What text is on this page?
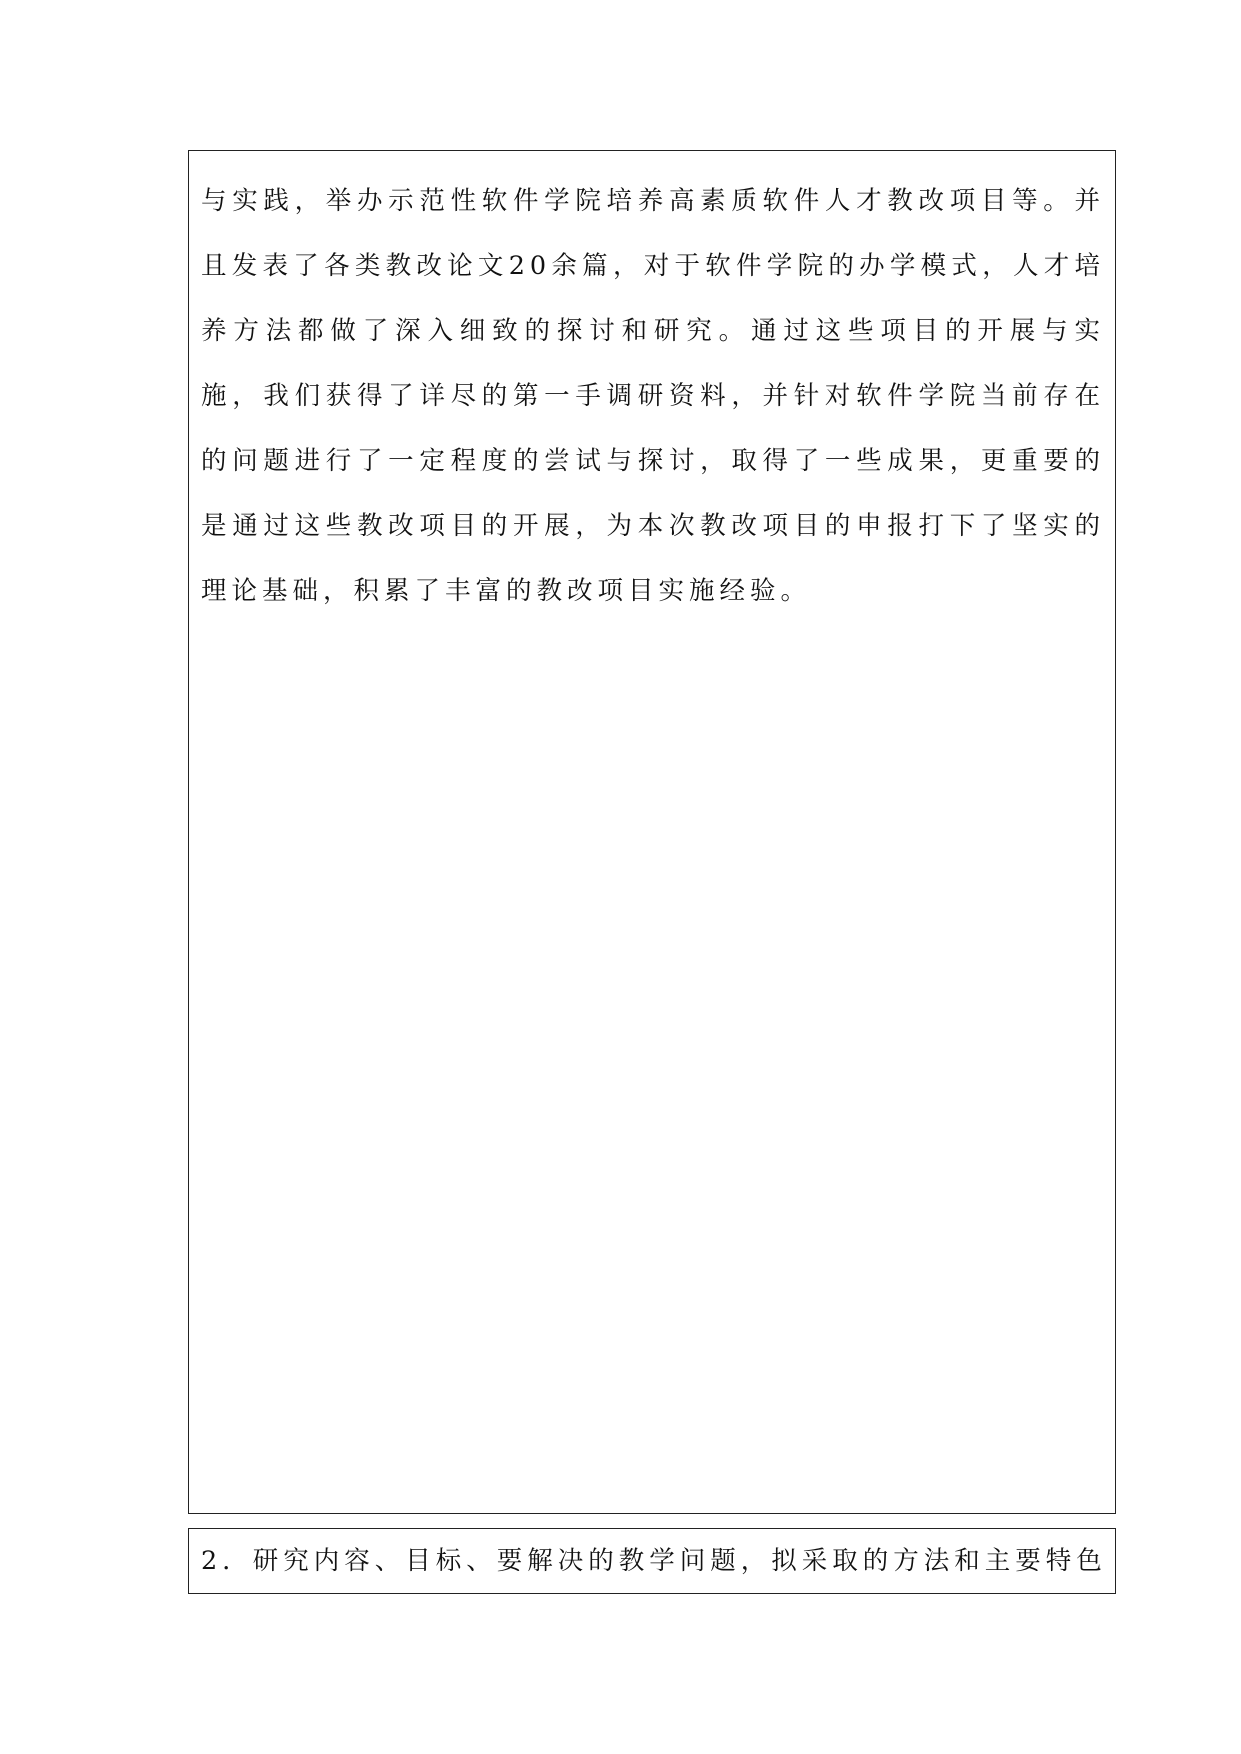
与实践，举办示范性软件学院培养高素质软件人才教改项目等。并且发表了各类教改论文20余篇，对于软件学院的办学模式，人才培养方法都做了深入细致的探讨和研究。通过这些项目的开展与实施，我们获得了详尽的第一手调研资料，并针对软件学院当前存在的问题进行了一定程度的尝试与探讨，取得了一些成果，更重要的是通过这些教改项目的开展，为本次教改项目的申报打下了坚实的理论基础，积累了丰富的教改项目实施经验。

2．研究内容、目标、要解决的教学问题，拟采取的方法和主要特色
